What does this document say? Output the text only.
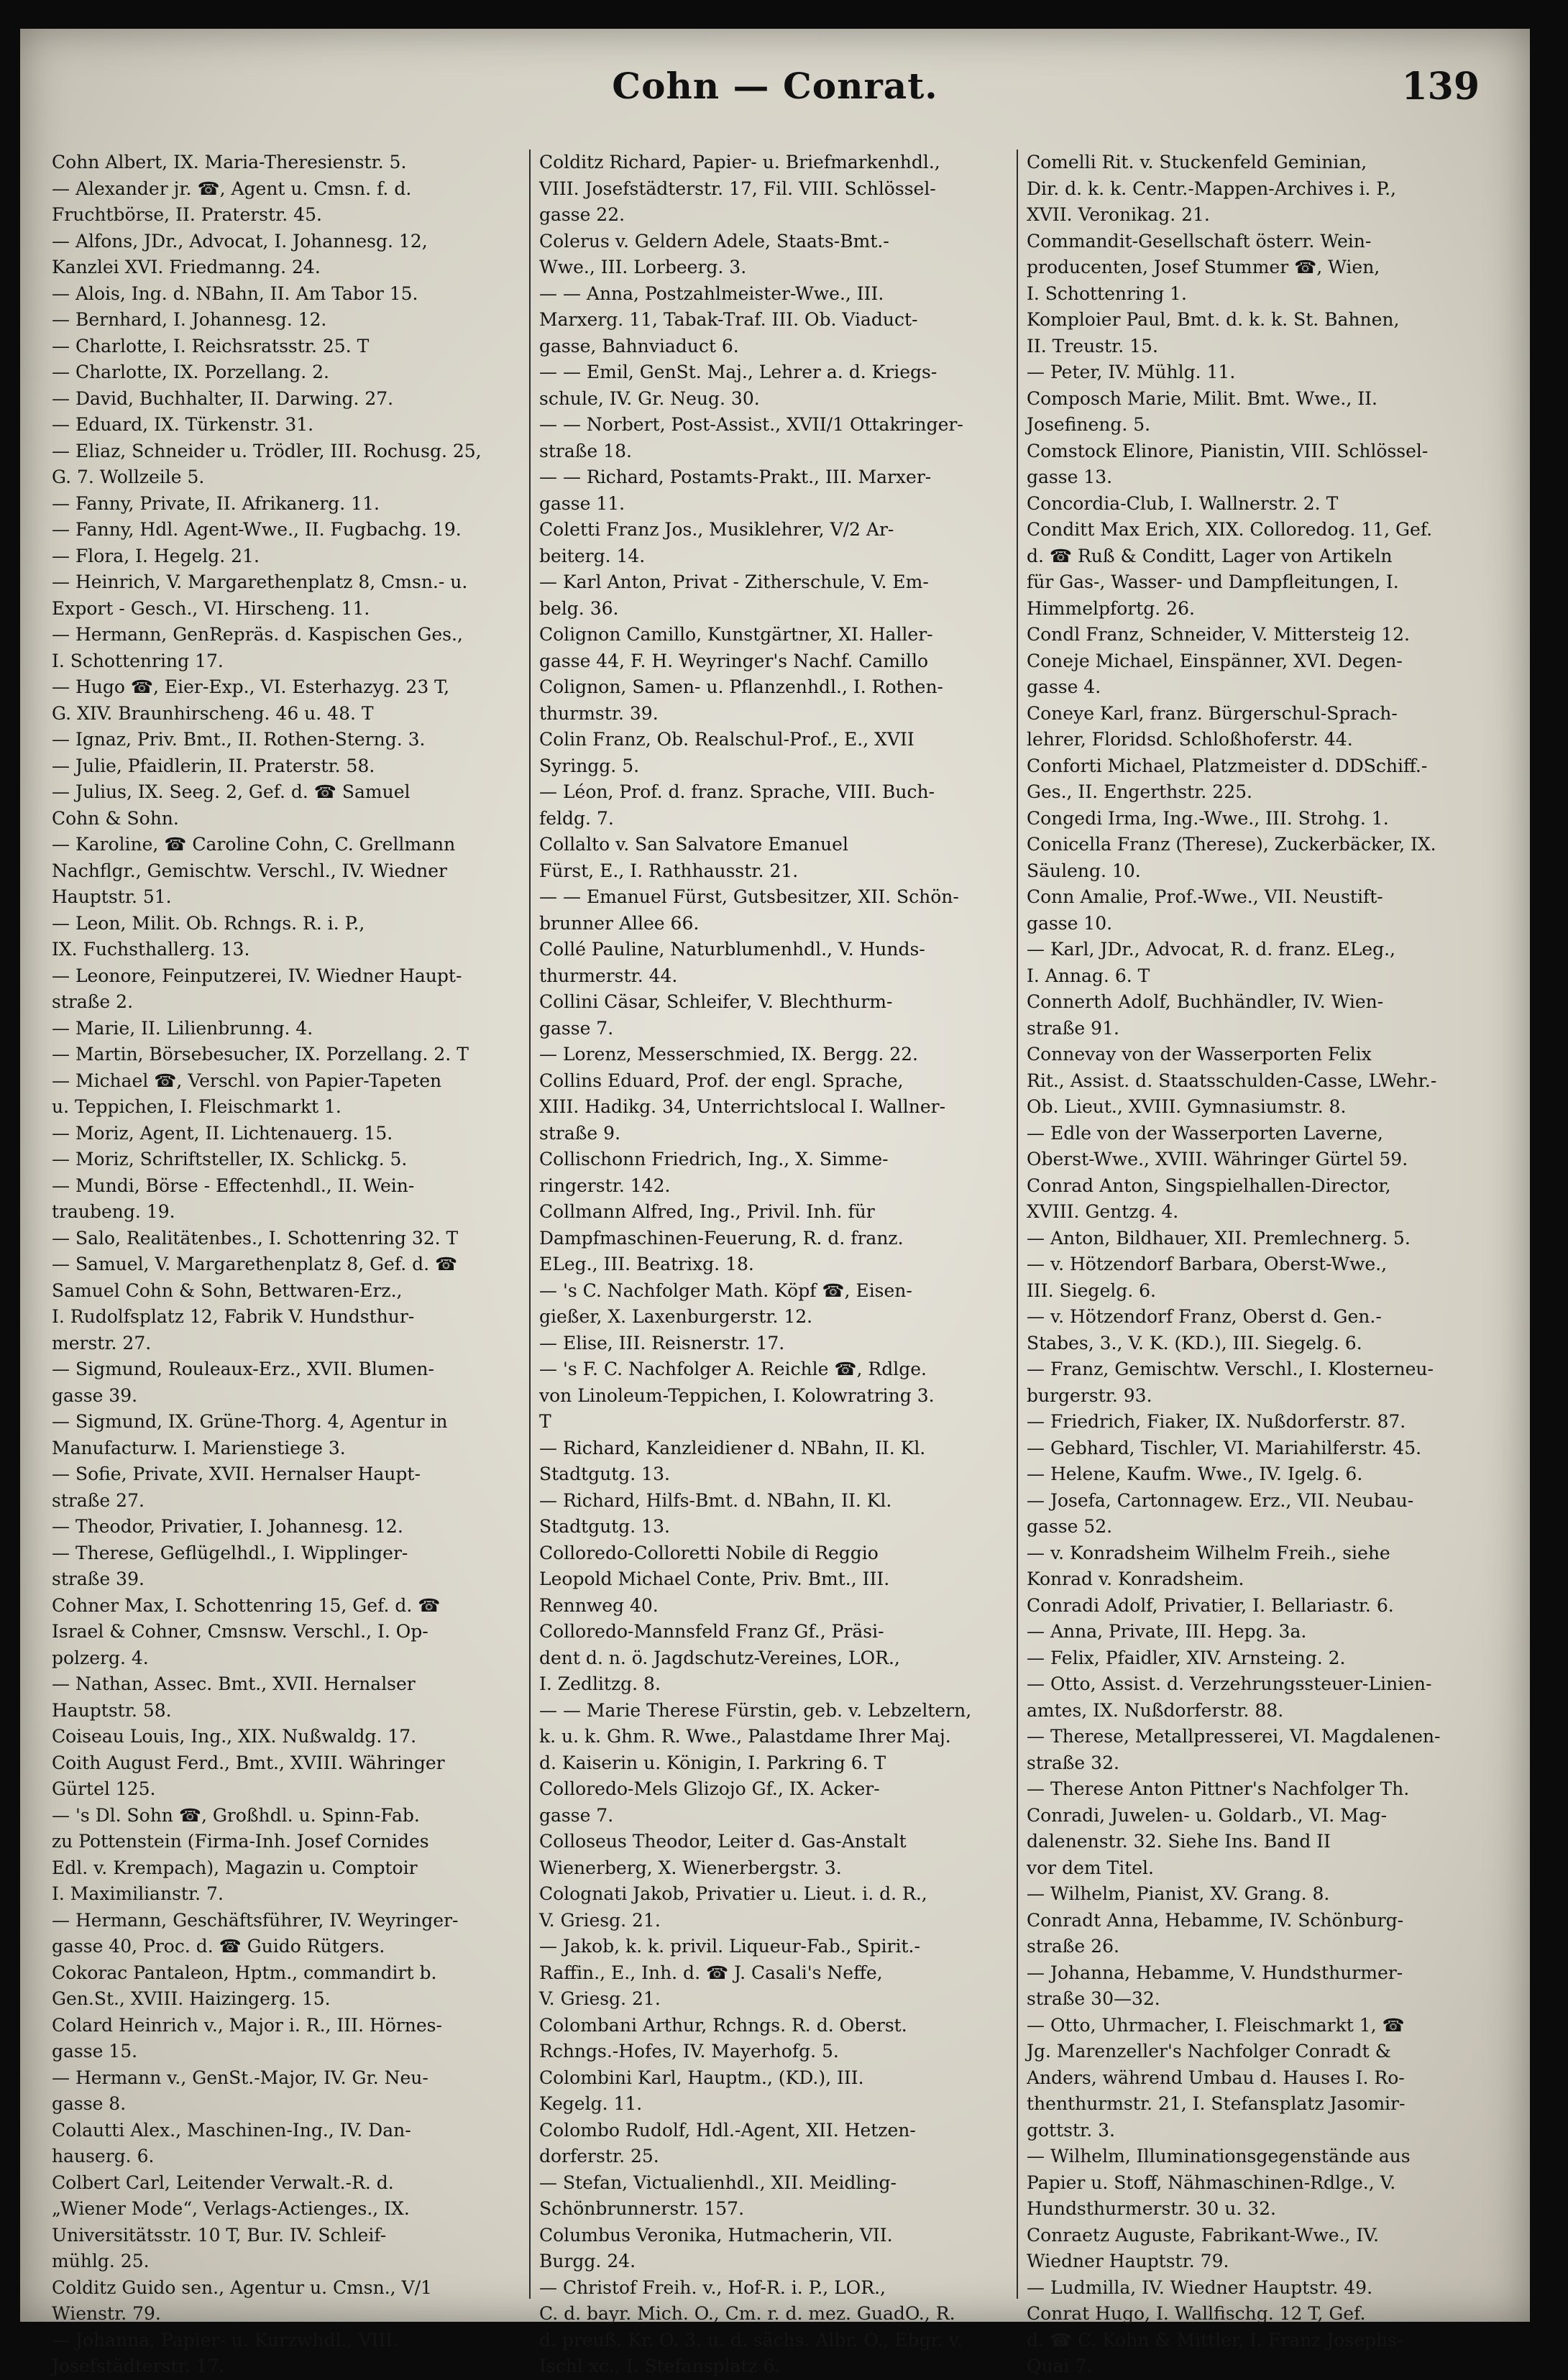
Cohn — Conrat.	139
Cohn Albert, IX. Maria-Theresienstr. 5.
— Alexander jr. ☎, Agent u. Cmsn. f. d.
Fruchtbörse, II. Praterstr. 45.
— Alfons, JDr., Advocat, I. Johannesg. 12,
Kanzlei XVI. Friedmanng. 24.
— Alois, Ing. d. NBahn, II. Am Tabor 15.
— Bernhard, I. Johannesg. 12.
— Charlotte, I. Reichsratsstr. 25. T
— Charlotte, IX. Porzellang. 2.
— David, Buchhalter, II. Darwing. 27.
— Eduard, IX. Türkenstr. 31.
— Eliaz, Schneider u. Trödler, III. Rochusg. 25,
G. 7. Wollzeile 5.
— Fanny, Private, II. Afrikanerg. 11.
— Fanny, Hdl. Agent-Wwe., II. Fugbachg. 19.
— Flora, I. Hegelg. 21.
— Heinrich, V. Margarethenplatz 8, Cmsn.- u.
Export - Gesch., VI. Hirscheng. 11.
— Hermann, GenRepräs. d. Kaspischen Ges.,
I. Schottenring 17.
— Hugo ☎, Eier-Exp., VI. Esterhazyg. 23 T,
G. XIV. Braunhirscheng. 46 u. 48. T
— Ignaz, Priv. Bmt., II. Rothen-Sterng. 3.
— Julie, Pfaidlerin, II. Praterstr. 58.
— Julius, IX. Seeg. 2, Gef. d. ☎ Samuel
Cohn & Sohn.
— Karoline, ☎ Caroline Cohn, C. Grellmann
Nachflgr., Gemischtw. Verschl., IV. Wiedner
Hauptstr. 51.
— Leon, Milit. Ob. Rchngs. R. i. P.,
IX. Fuchsthallerg. 13.
— Leonore, Feinputzerei, IV. Wiedner Haupt-
straße 2.
— Marie, II. Lilienbrunng. 4.
— Martin, Börsebesucher, IX. Porzellang. 2. T
— Michael ☎, Verschl. von Papier-Tapeten
u. Teppichen, I. Fleischmarkt 1.
— Moriz, Agent, II. Lichtenauerg. 15.
— Moriz, Schriftsteller, IX. Schlickg. 5.
— Mundi, Börse - Effectenhdl., II. Wein-
traubeng. 19.
— Salo, Realitätenbes., I. Schottenring 32. T
— Samuel, V. Margarethenplatz 8, Gef. d. ☎
Samuel Cohn & Sohn, Bettwaren-Erz.,
I. Rudolfsplatz 12, Fabrik V. Hundsthur-
merstr. 27.
— Sigmund, Rouleaux-Erz., XVII. Blumen-
gasse 39.
— Sigmund, IX. Grüne-Thorg. 4, Agentur in
Manufacturw. I. Marienstiege 3.
— Sofie, Private, XVII. Hernalser Haupt-
straße 27.
— Theodor, Privatier, I. Johannesg. 12.
— Therese, Geflügelhdl., I. Wipplinger-
straße 39.
Cohner Max, I. Schottenring 15, Gef. d. ☎
Israel & Cohner, Cmsnsw. Verschl., I. Op-
polzerg. 4.
— Nathan, Assec. Bmt., XVII. Hernalser
Hauptstr. 58.
Coiseau Louis, Ing., XIX. Nußwaldg. 17.
Coith August Ferd., Bmt., XVIII. Währinger
Gürtel 125.
— 's Dl. Sohn ☎, Großhdl. u. Spinn-Fab.
zu Pottenstein (Firma-Inh. Josef Cornides
Edl. v. Krempach), Magazin u. Comptoir
I. Maximilianstr. 7.
— Hermann, Geschäftsführer, IV. Weyringer-
gasse 40, Proc. d. ☎ Guido Rütgers.
Cokorac Pantaleon, Hptm., commandirt b.
Gen.St., XVIII. Haizingerg. 15.
Colard Heinrich v., Major i. R., III. Hörnes-
gasse 15.
— Hermann v., GenSt.-Major, IV. Gr. Neu-
gasse 8.
Colautti Alex., Maschinen-Ing., IV. Dan-
hauserg. 6.
Colbert Carl, Leitender Verwalt.-R. d.
„Wiener Mode“, Verlags-Actienges., IX.
Universitätsstr. 10 T, Bur. IV. Schleif-
mühlg. 25.
Colditz Guido sen., Agentur u. Cmsn., V/1
Wienstr. 79.
— Johanna, Papier- u. Kurzwhdl., VIII.
Josefstädterstr. 17.
Colditz Richard, Papier- u. Briefmarkenhdl.,
VIII. Josefstädterstr. 17, Fil. VIII. Schlössel-
gasse 22.
Colerus v. Geldern Adele, Staats-Bmt.-
Wwe., III. Lorbeerg. 3.
— — Anna, Postzahlmeister-Wwe., III.
Marxerg. 11, Tabak-Traf. III. Ob. Viaduct-
gasse, Bahnviaduct 6.
— — Emil, GenSt. Maj., Lehrer a. d. Kriegs-
schule, IV. Gr. Neug. 30.
— — Norbert, Post-Assist., XVII/1 Ottakringer-
straße 18.
— — Richard, Postamts-Prakt., III. Marxer-
gasse 11.
Coletti Franz Jos., Musiklehrer, V/2 Ar-
beiterg. 14.
— Karl Anton, Privat - Zitherschule, V. Em-
belg. 36.
Colignon Camillo, Kunstgärtner, XI. Haller-
gasse 44, F. H. Weyringer's Nachf. Camillo
Colignon, Samen- u. Pflanzenhdl., I. Rothen-
thurmstr. 39.
Colin Franz, Ob. Realschul-Prof., E., XVII
Syringg. 5.
— Léon, Prof. d. franz. Sprache, VIII. Buch-
feldg. 7.
Collalto v. San Salvatore Emanuel
Fürst, E., I. Rathhausstr. 21.
— — Emanuel Fürst, Gutsbesitzer, XII. Schön-
brunner Allee 66.
Collé Pauline, Naturblumenhdl., V. Hunds-
thurmerstr. 44.
Collini Cäsar, Schleifer, V. Blechthurm-
gasse 7.
— Lorenz, Messerschmied, IX. Bergg. 22.
Collins Eduard, Prof. der engl. Sprache,
XIII. Hadikg. 34, Unterrichtslocal I. Wallner-
straße 9.
Collischonn Friedrich, Ing., X. Simme-
ringerstr. 142.
Collmann Alfred, Ing., Privil. Inh. für
Dampfmaschinen-Feuerung, R. d. franz.
ELeg., III. Beatrixg. 18.
— 's C. Nachfolger Math. Köpf ☎, Eisen-
gießer, X. Laxenburgerstr. 12.
— Elise, III. Reisnerstr. 17.
— 's F. C. Nachfolger A. Reichle ☎, Rdlge.
von Linoleum-Teppichen, I. Kolowratring 3.
T
— Richard, Kanzleidiener d. NBahn, II. Kl.
Stadtgutg. 13.
— Richard, Hilfs-Bmt. d. NBahn, II. Kl.
Stadtgutg. 13.
Colloredo-Colloretti Nobile di Reggio
Leopold Michael Conte, Priv. Bmt., III.
Rennweg 40.
Colloredo-Mannsfeld Franz Gf., Präsi-
dent d. n. ö. Jagdschutz-Vereines, LOR.,
I. Zedlitzg. 8.
— — Marie Therese Fürstin, geb. v. Lebzeltern,
k. u. k. Ghm. R. Wwe., Palastdame Ihrer Maj.
d. Kaiserin u. Königin, I. Parkring 6. T
Colloredo-Mels Glizojo Gf., IX. Acker-
gasse 7.
Colloseus Theodor, Leiter d. Gas-Anstalt
Wienerberg, X. Wienerbergstr. 3.
Colognati Jakob, Privatier u. Lieut. i. d. R.,
V. Griesg. 21.
— Jakob, k. k. privil. Liqueur-Fab., Spirit.-
Raffin., E., Inh. d. ☎ J. Casali's Neffe,
V. Griesg. 21.
Colombani Arthur, Rchngs. R. d. Oberst.
Rchngs.-Hofes, IV. Mayerhofg. 5.
Colombini Karl, Hauptm., (KD.), III.
Kegelg. 11.
Colombo Rudolf, Hdl.-Agent, XII. Hetzen-
dorferstr. 25.
— Stefan, Victualienhdl., XII. Meidling-
Schönbrunnerstr. 157.
Columbus Veronika, Hutmacherin, VII.
Burgg. 24.
— Christof Freih. v., Hof-R. i. P., LOR.,
C. d. bayr. Mich. O., Cm. r. d. mez. GuadO., R.
d. preuß. Kr. O. 3. u. d. sächs. Albr. O., Ebgr. v.
Ischl xc., I. Stefansplatz 6.
Comelli Rit. v. Stuckenfeld Geminian,
Dir. d. k. k. Centr.-Mappen-Archives i. P.,
XVII. Veronikag. 21.
Commandit-Gesellschaft österr. Wein-
producenten, Josef Stummer ☎, Wien,
I. Schottenring 1.
Komploier Paul, Bmt. d. k. k. St. Bahnen,
II. Treustr. 15.
— Peter, IV. Mühlg. 11.
Composch Marie, Milit. Bmt. Wwe., II.
Josefineng. 5.
Comstock Elinore, Pianistin, VIII. Schlössel-
gasse 13.
Concordia-Club, I. Wallnerstr. 2. T
Conditt Max Erich, XIX. Colloredog. 11, Gef.
d. ☎ Ruß & Conditt, Lager von Artikeln
für Gas-, Wasser- und Dampfleitungen, I.
Himmelpfortg. 26.
Condl Franz, Schneider, V. Mittersteig 12.
Coneje Michael, Einspänner, XVI. Degen-
gasse 4.
Coneye Karl, franz. Bürgerschul-Sprach-
lehrer, Floridsd. Schloßhoferstr. 44.
Conforti Michael, Platzmeister d. DDSchiff.-
Ges., II. Engerthstr. 225.
Congedi Irma, Ing.-Wwe., III. Strohg. 1.
Conicella Franz (Therese), Zuckerbäcker, IX.
Säuleng. 10.
Conn Amalie, Prof.-Wwe., VII. Neustift-
gasse 10.
— Karl, JDr., Advocat, R. d. franz. ELeg.,
I. Annag. 6. T
Connerth Adolf, Buchhändler, IV. Wien-
straße 91.
Connevay von der Wasserporten Felix
Rit., Assist. d. Staatsschulden-Casse, LWehr.-
Ob. Lieut., XVIII. Gymnasiumstr. 8.
— Edle von der Wasserporten Laverne,
Oberst-Wwe., XVIII. Währinger Gürtel 59.
Conrad Anton, Singspielhallen-Director,
XVIII. Gentzg. 4.
— Anton, Bildhauer, XII. Premlechnerg. 5.
— v. Hötzendorf Barbara, Oberst-Wwe.,
III. Siegelg. 6.
— v. Hötzendorf Franz, Oberst d. Gen.-
Stabes, 3., V. K. (KD.), III. Siegelg. 6.
— Franz, Gemischtw. Verschl., I. Klosterneu-
burgerstr. 93.
— Friedrich, Fiaker, IX. Nußdorferstr. 87.
— Gebhard, Tischler, VI. Mariahilferstr. 45.
— Helene, Kaufm. Wwe., IV. Igelg. 6.
— Josefa, Cartonnagew. Erz., VII. Neubau-
gasse 52.
— v. Konradsheim Wilhelm Freih., siehe
Konrad v. Konradsheim.
Conradi Adolf, Privatier, I. Bellariastr. 6.
— Anna, Private, III. Hepg. 3a.
— Felix, Pfaidler, XIV. Arnsteing. 2.
— Otto, Assist. d. Verzehrungssteuer-Linien-
amtes, IX. Nußdorferstr. 88.
— Therese, Metallpresserei, VI. Magdalenen-
straße 32.
— Therese Anton Pittner's Nachfolger Th.
Conradi, Juwelen- u. Goldarb., VI. Mag-
dalenenstr. 32. Siehe Ins. Band II
vor dem Titel.
— Wilhelm, Pianist, XV. Grang. 8.
Conradt Anna, Hebamme, IV. Schönburg-
straße 26.
— Johanna, Hebamme, V. Hundsthurmer-
straße 30—32.
— Otto, Uhrmacher, I. Fleischmarkt 1, ☎
Jg. Marenzeller's Nachfolger Conradt &
Anders, während Umbau d. Hauses I. Ro-
thenthurmstr. 21, I. Stefansplatz Jasomir-
gottstr. 3.
— Wilhelm, Illuminationsgegenstände aus
Papier u. Stoff, Nähmaschinen-Rdlge., V.
Hundsthurmerstr. 30 u. 32.
Conraetz Auguste, Fabrikant-Wwe., IV.
Wiedner Hauptstr. 79.
— Ludmilla, IV. Wiedner Hauptstr. 49.
Conrat Hugo, I. Wallfischg. 12 T, Gef.
d. ☎ C. Kohn & Mittler, I. Franz Josephs-
Quai 7.
